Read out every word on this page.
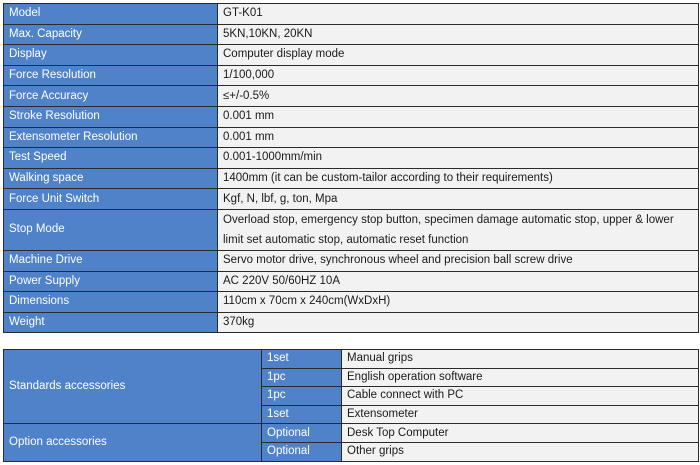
Model	GT-K01
Max. Capacity	5KN,10KN, 20KN
Display	Computer display mode
Force Resolution	1/100,000
Force Accuracy	≤+/-0.5%
Stroke Resolution	0.001 mm
Extensometer Resolution	0.001 mm
Test Speed	0.001-1000mm/min
Walking space	1400mm (it can be custom-tailor according to their requirements)
Force Unit Switch	Kgf, N, lbf, g, ton, Mpa
Stop Mode	Overload stop, emergency stop button, specimen damage automatic stop, upper & lower limit set automatic stop, automatic reset function
Machine Drive	Servo motor drive, synchronous wheel and precision ball screw drive
Power Supply	AC 220V 50/60HZ 10A
Dimensions	110cm x 70cm x 240cm(WxDxH)
Weight	370kg
Standards accessories	1set	Manual grips
	1pc	English operation software
	1pc	Cable connect with PC
	1set	Extensometer
Option accessories	Optional	Desk Top Computer
	Optional	Other grips
